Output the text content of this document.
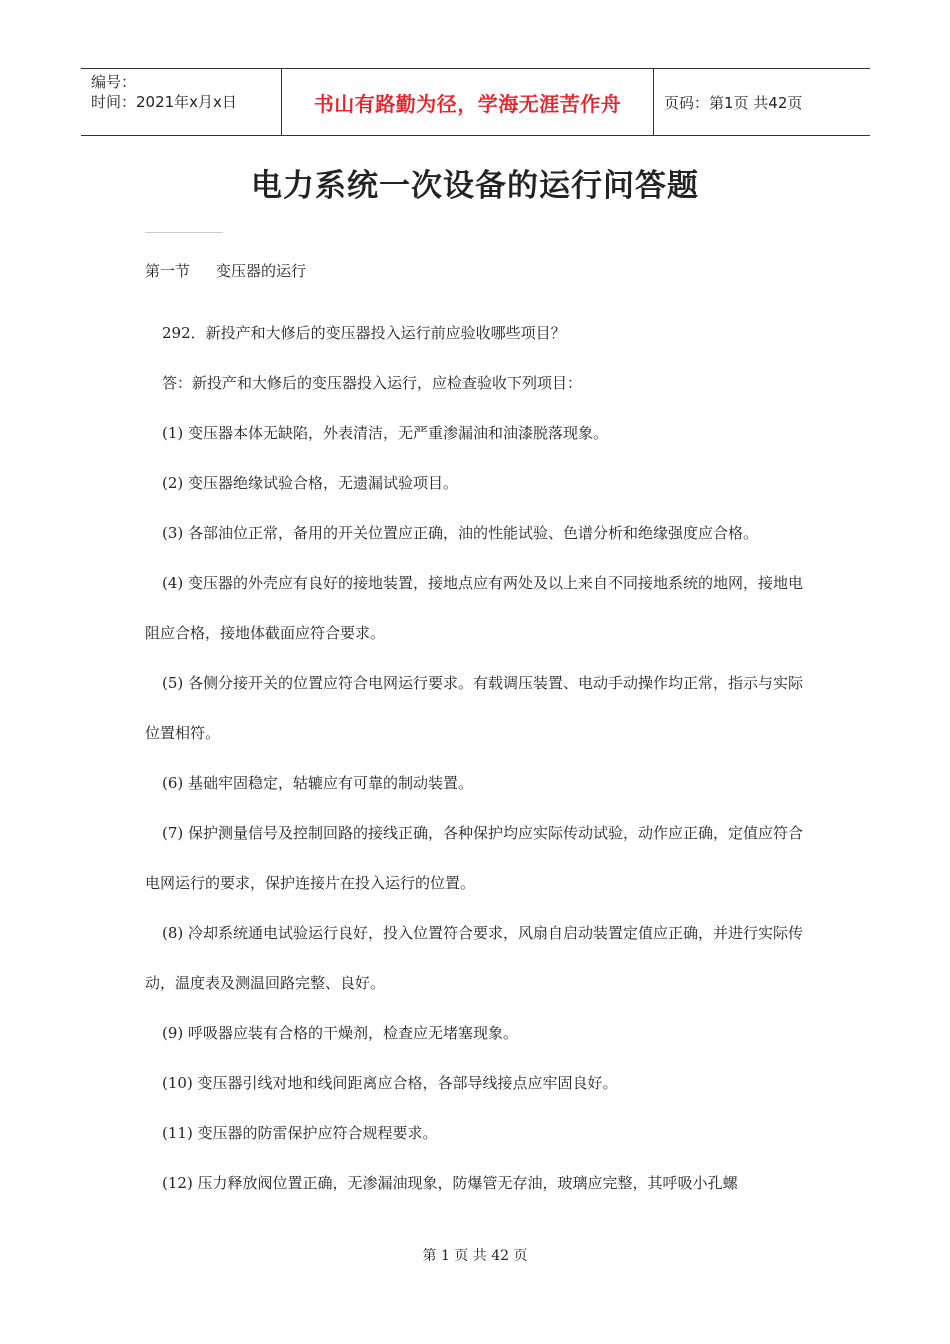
编号：
时间：2021年x月x日	书山有路勤为径，学海无涯苦作舟	页码：第1页 共42页
电力系统一次设备的运行问答题
第一节 变压器的运行
292．新投产和大修后的变压器投入运行前应验收哪些项目？
答：新投产和大修后的变压器投入运行，应检查验收下列项目：
(1) 变压器本体无缺陷，外表清洁，无严重渗漏油和油漆脱落现象。
(2) 变压器绝缘试验合格，无遗漏试验项目。
(3) 各部油位正常，备用的开关位置应正确，油的性能试验、色谱分析和绝缘强度应合格。
(4) 变压器的外壳应有良好的接地装置，接地点应有两处及以上来自不同接地系统的地网，接地电阻应合格，接地体截面应符合要求。
(5) 各侧分接开关的位置应符合电网运行要求。有载调压装置、电动手动操作均正常，指示与实际位置相符。
(6) 基础牢固稳定，轱辘应有可靠的制动装置。
(7) 保护测量信号及控制回路的接线正确，各种保护均应实际传动试验，动作应正确，定值应符合电网运行的要求，保护连接片在投入运行的位置。
(8) 冷却系统通电试验运行良好，投入位置符合要求，风扇自启动装置定值应正确，并进行实际传动，温度表及测温回路完整、良好。
(9) 呼吸器应装有合格的干燥剂，检查应无堵塞现象。
(10) 变压器引线对地和线间距离应合格，各部导线接点应牢固良好。
(11) 变压器的防雷保护应符合规程要求。
(12) 压力释放阀位置正确，无渗漏油现象，防爆管无存油，玻璃应完整，其呼吸小孔螺
第 1 页 共 42 页
